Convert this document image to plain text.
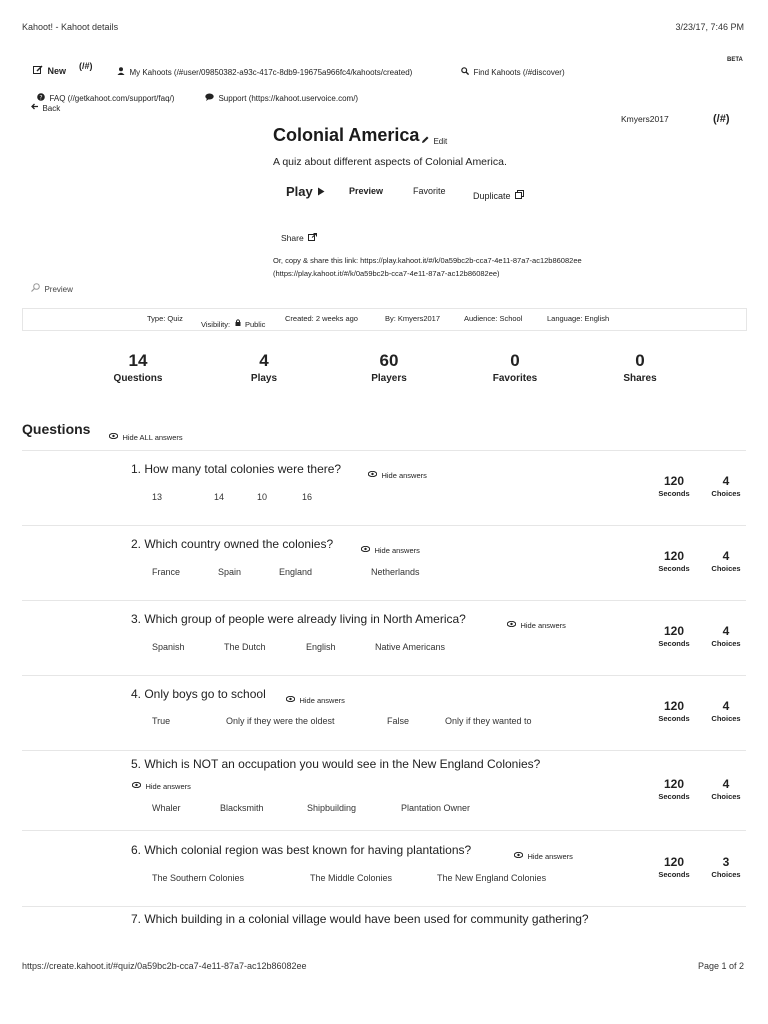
Kahoot! - Kahoot details	3/23/17, 7:46 PM
New (/#)
My Kahoots (/#user/09850382-a93c-417c-8db9-19675a966fc4/kahoots/created)	Find Kahoots (/#discover)
BETA
? FAQ (//getkahoot.com/support/faq/)	Support (https://kahoot.uservoice.com/)
Back
Colonial America	Edit
Kmyers2017	(/#)
A quiz about different aspects of Colonial America.
Play	Preview	Favorite	Duplicate
Share
Or, copy & share this link: https://play.kahoot.it/#/k/0a59bc2b-cca7-4e11-87a7-ac12b86082ee
(https://play.kahoot.it/#/k/0a59bc2b-cca7-4e11-87a7-ac12b86082ee)
Preview
Type: Quiz
Visibility: Public
Created: 2 weeks ago	By: Kmyers2017	Audience: School	Language: English
14
Questions
4
Plays
60
Players
0
Favorites
0
Shares
Questions
Hide ALL answers
1. How many total colonies were there?	Hide answers
13	14	10	16
120
Seconds
4
Choices
2. Which country owned the colonies?	Hide answers
France	Spain	England	Netherlands
120
Seconds
4
Choices
3. Which group of people were already living in North America?	Hide answers
Spanish	The Dutch	English	Native Americans
120
Seconds
4
Choices
4. Only boys go to school	Hide answers
True	Only if they were the oldest	False	Only if they wanted to
120
Seconds
4
Choices
5. Which is NOT an occupation you would see in the New England Colonies?
Hide answers
Whaler	Blacksmith	Shipbuilding	Plantation Owner
120
Seconds
4
Choices
6. Which colonial region was best known for having plantations?	Hide answers
The Southern Colonies	The Middle Colonies	The New England Colonies
120
Seconds
3
Choices
7. Which building in a colonial village would have been used for community gathering?
https://create.kahoot.it/#quiz/0a59bc2b-cca7-4e11-87a7-ac12b86082ee	Page 1 of 2
